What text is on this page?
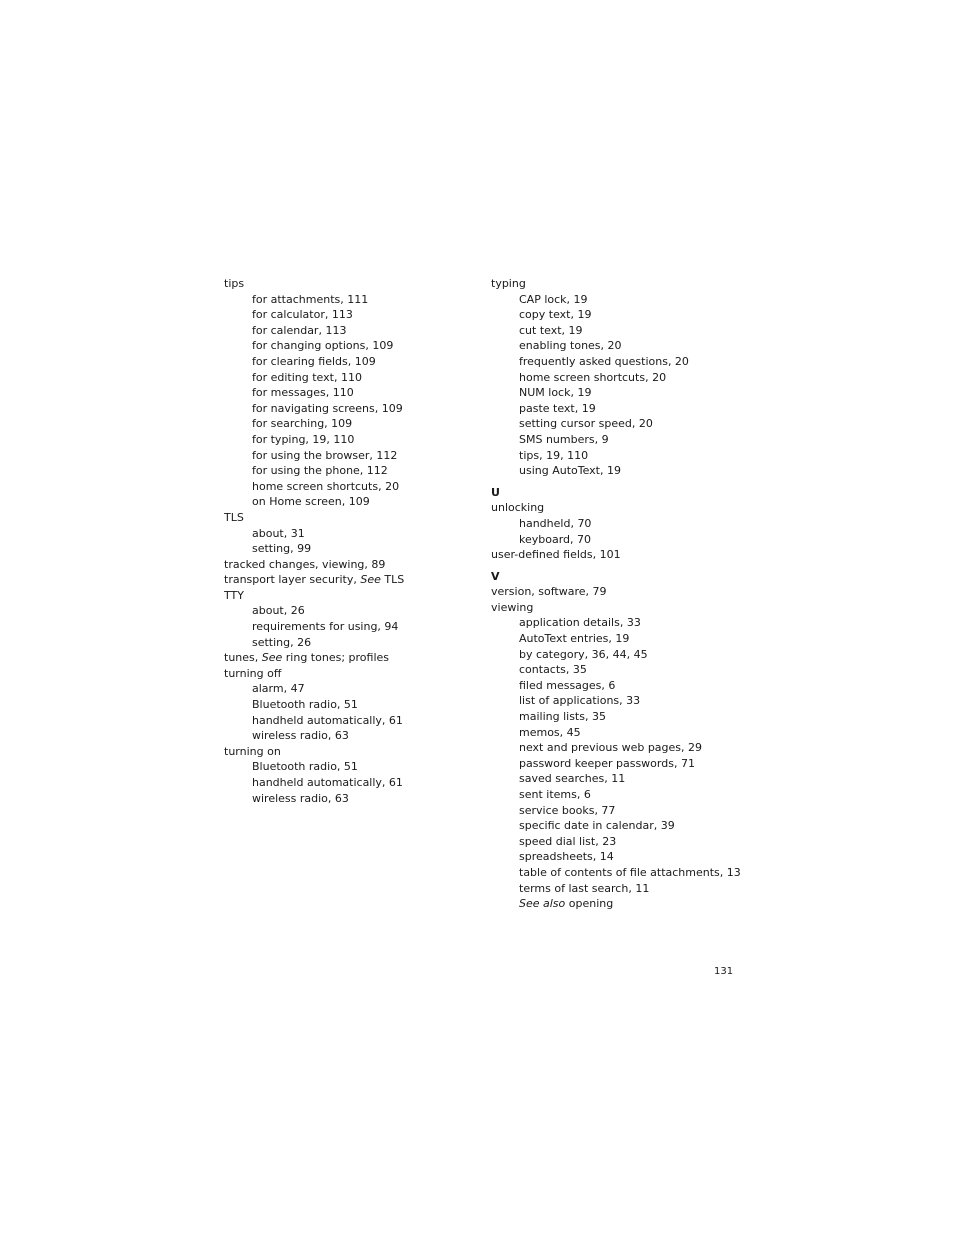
tips
for attachments, 111
for calculator, 113
for calendar, 113
for changing options, 109
for clearing fields, 109
for editing text, 110
for messages, 110
for navigating screens, 109
for searching, 109
for typing, 19, 110
for using the browser, 112
for using the phone, 112
home screen shortcuts, 20
on Home screen, 109
TLS
about, 31
setting, 99
tracked changes, viewing, 89
transport layer security, See TLS
TTY
about, 26
requirements for using, 94
setting, 26
tunes, See ring tones; profiles
turning off
alarm, 47
Bluetooth radio, 51
handheld automatically, 61
wireless radio, 63
turning on
Bluetooth radio, 51
handheld automatically, 61
wireless radio, 63
typing
CAP lock, 19
copy text, 19
cut text, 19
enabling tones, 20
frequently asked questions, 20
home screen shortcuts, 20
NUM lock, 19
paste text, 19
setting cursor speed, 20
SMS numbers, 9
tips, 19, 110
using AutoText, 19
U
unlocking
handheld, 70
keyboard, 70
user-defined fields, 101
V
version, software, 79
viewing
application details, 33
AutoText entries, 19
by category, 36, 44, 45
contacts, 35
filed messages, 6
list of applications, 33
mailing lists, 35
memos, 45
next and previous web pages, 29
password keeper passwords, 71
saved searches, 11
sent items, 6
service books, 77
specific date in calendar, 39
speed dial list, 23
spreadsheets, 14
table of contents of file attachments, 13
terms of last search, 11
See also opening
131
